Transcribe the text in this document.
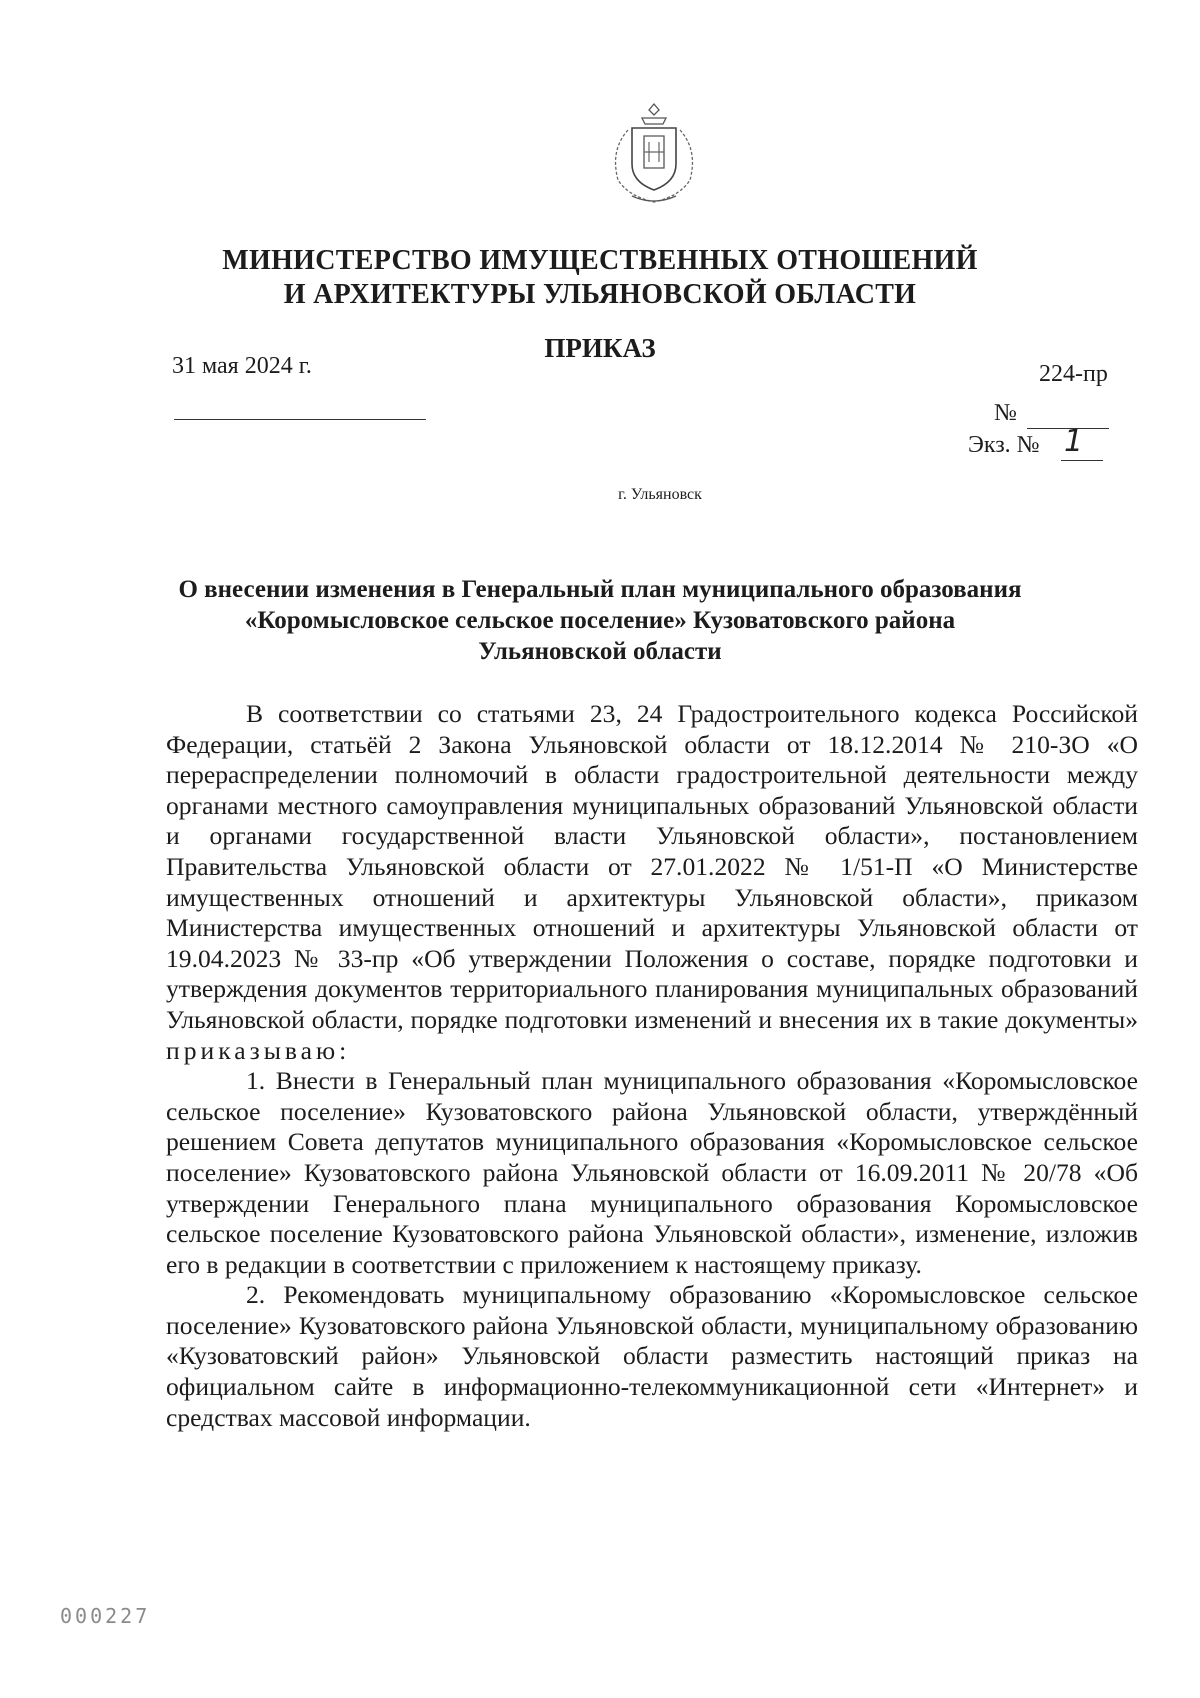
МИНИСТЕРСТВО ИМУЩЕСТВЕННЫХ ОТНОШЕНИЙ
И АРХИТЕКТУРЫ УЛЬЯНОВСКОЙ ОБЛАСТИ
ПРИКАЗ
31 мая 2024 г.	224-пр
№
Экз. № 1
г. Ульяновск
О внесении изменения в Генеральный план муниципального образования
«Коромысловское сельское поселение» Кузоватовского района
Ульяновской области

В соответствии со статьями 23, 24 Градостроительного кодекса Российской Федерации, статьёй 2 Закона Ульяновской области от 18.12.2014 № 210-ЗО «О перераспределении полномочий в области градостроительной деятельности между органами местного самоуправления муниципальных образований Ульяновской области и органами государственной власти Ульяновской области», постановлением Правительства Ульяновской области от 27.01.2022 № 1/51-П «О Министерстве имущественных отношений и архитектуры Ульяновской области», приказом Министерства имущественных отношений и архитектуры Ульяновской области от 19.04.2023 № 33-пр «Об утверждении Положения о составе, порядке подготовки и утверждения документов территориального планирования муниципальных образований Ульяновской области, порядке подготовки изменений и внесения их в такие документы» приказываю:

1. Внести в Генеральный план муниципального образования «Коромысловское сельское поселение» Кузоватовского района Ульяновской области, утверждённый решением Совета депутатов муниципального образования «Коромысловское сельское поселение» Кузоватовского района Ульяновской области от 16.09.2011 № 20/78 «Об утверждении Генерального плана муниципального образования Коромысловское сельское поселение Кузоватовского района Ульяновской области», изменение, изложив его в редакции в соответствии с приложением к настоящему приказу.

2. Рекомендовать муниципальному образованию «Коромысловское сельское поселение» Кузоватовского района Ульяновской области, муниципальному образованию «Кузоватовский район» Ульяновской области разместить настоящий приказ на официальном сайте в информационно-телекоммуникационной сети «Интернет» и средствах массовой информации.

000227
